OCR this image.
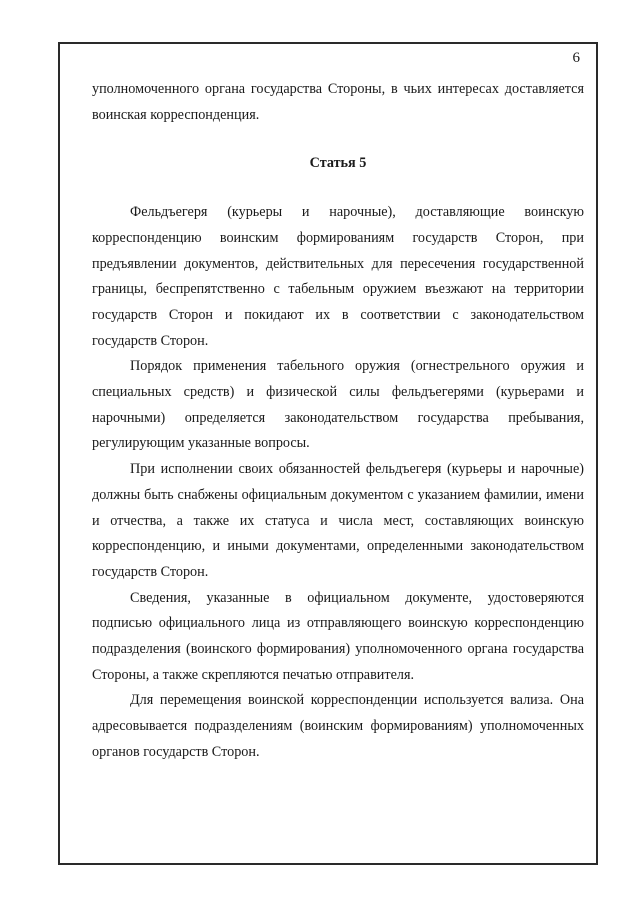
6

уполномоченного органа государства Стороны, в чьих интересах доставляется воинская корреспонденция.

Статья 5

Фельдъегеря (курьеры и нарочные), доставляющие воинскую корреспонденцию воинским формированиям государств Сторон, при предъявлении документов, действительных для пересечения государственной границы, беспрепятственно с табельным оружием въезжают на территории государств Сторон и покидают их в соответствии с законодательством государств Сторон.

Порядок применения табельного оружия (огнестрельного оружия и специальных средств) и физической силы фельдъегерями (курьерами и нарочными) определяется законодательством государства пребывания, регулирующим указанные вопросы.

При исполнении своих обязанностей фельдъегеря (курьеры и нарочные) должны быть снабжены официальным документом с указанием фамилии, имени и отчества, а также их статуса и числа мест, составляющих воинскую корреспонденцию, и иными документами, определенными законодательством государств Сторон.

Сведения, указанные в официальном документе, удостоверяются подписью официального лица из отправляющего воинскую корреспонденцию подразделения (воинского формирования) уполномоченного органа государства Стороны, а также скрепляются печатью отправителя.

Для перемещения воинской корреспонденции используется вализа. Она адресовывается подразделениям (воинским формированиям) уполномоченных органов государств Сторон.
